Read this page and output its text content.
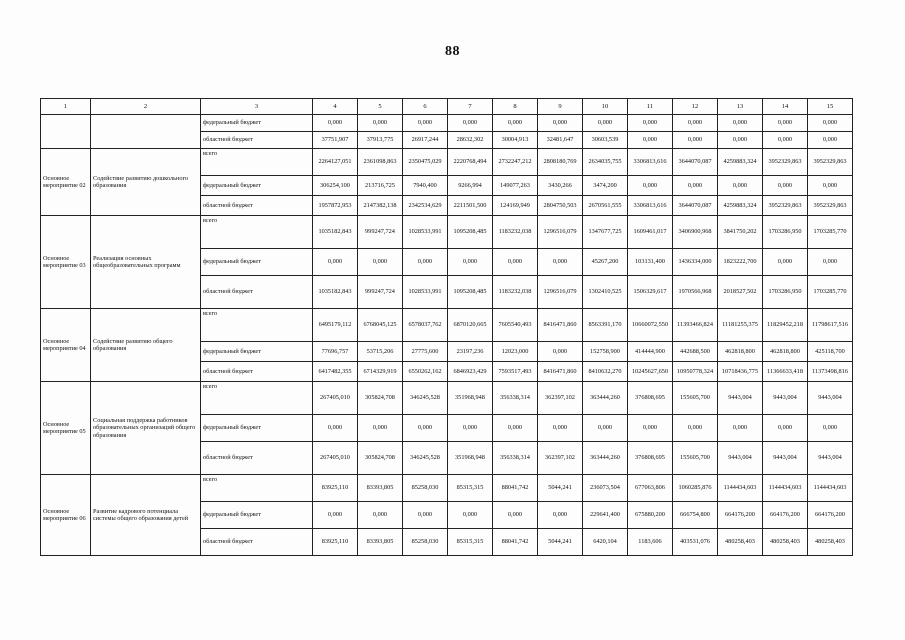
88
1	2	3	4	5	6	7	8	9	10	11	12	13	14	15
		федеральный бюджет	0,000	0,000	0,000	0,000	0,000	0,000	0,000	0,000	0,000	0,000	0,000	0,000
		областной бюджет	37751,907	37913,775	26917,244	28632,302	30004,913	32481,647	30603,539	0,000	0,000	0,000	0,000	0,000
Основное мероприятие 02	Содействие развитию дошкольного образования	всего	2264127,051	2361098,863	2350475,029	2220768,494	2732247,212	2808180,769	2634035,755	3306813,616	3644070,087	4259883,324	3952329,863	3952329,863
		федеральный бюджет	306254,100	213716,725	7940,400	9266,994	149077,263	3430,266	3474,200	0,000	0,000	0,000	0,000	0,000
		областной бюджет	1957872,953	2147382,138	2342534,629	2211501,500	124169,949	2804750,503	2670561,555	3306813,616	3644070,087	4259883,324	3952329,863	3952329,863
Основное мероприятие 03	Реализация основных общеобразовательных программ	всего	1035182,843	999247,724	1028533,991	1095208,485	1183232,038	1296516,079	1347677,725	1609461,017	3406900,968	3841750,202	1703286,950	1703285,770
		федеральный бюджет	0,000	0,000	0,000	0,000	0,000	0,000	45267,200	103131,400	1436334,000	1823222,700	0,000	0,000
		областной бюджет	1035182,843	999247,724	1028533,991	1095208,485	1183232,038	1296516,079	1302410,525	1506329,617	1970566,968	2018527,502	1703286,950	1703285,770
Основное мероприятие 04	Содействие развитию общего образования	всего	6495179,112	6768045,125	6578037,762	6870120,665	7605540,493	8416471,860	8563391,170	10660072,550	11393466,824	11181255,375	11829452,218	11798617,516
		федеральный бюджет	77696,757	53715,206	27775,600	23197,236	12023,000	0,000	152758,900	414444,900	442688,500	462818,800	462818,800	425118,700
		областной бюджет	6417482,355	6714329,919	6550262,162	6846923,429	7593517,493	8416471,860	8410632,270	10245627,650	10950778,324	10718436,775	11366633,418	11373498,816
Основное мероприятие 05	Социальная поддержка работников образовательных организаций общего образования	всего	267405,010	305824,708	346245,528	351968,948	356338,314	362397,102	363444,260	376808,695	155605,700	9443,004	9443,004	9443,004
		федеральный бюджет	0,000	0,000	0,000	0,000	0,000	0,000	0,000	0,000	0,000	0,000	0,000	0,000
		областной бюджет	267405,010	305824,708	346245,528	351968,948	356338,314	362397,102	363444,260	376808,695	155605,700	9443,004	9443,004	9443,004
Основное мероприятие 06	Развитие кадрового потенциала системы общего образования детей	всего	83925,110	83393,805	85258,030	85315,315	88041,742	5044,241	236073,504	677063,806	1060285,876	1144434,603	1144434,603	1144434,603
		федеральный бюджет	0,000	0,000	0,000	0,000	0,000	0,000	229641,400	675880,200	666754,800	664176,200	664176,200	664176,200
		областной бюджет	83925,110	83393,805	85258,030	85315,315	88041,742	5044,241	6420,104	1183,606	403531,076	480258,403	480258,403	480258,403
